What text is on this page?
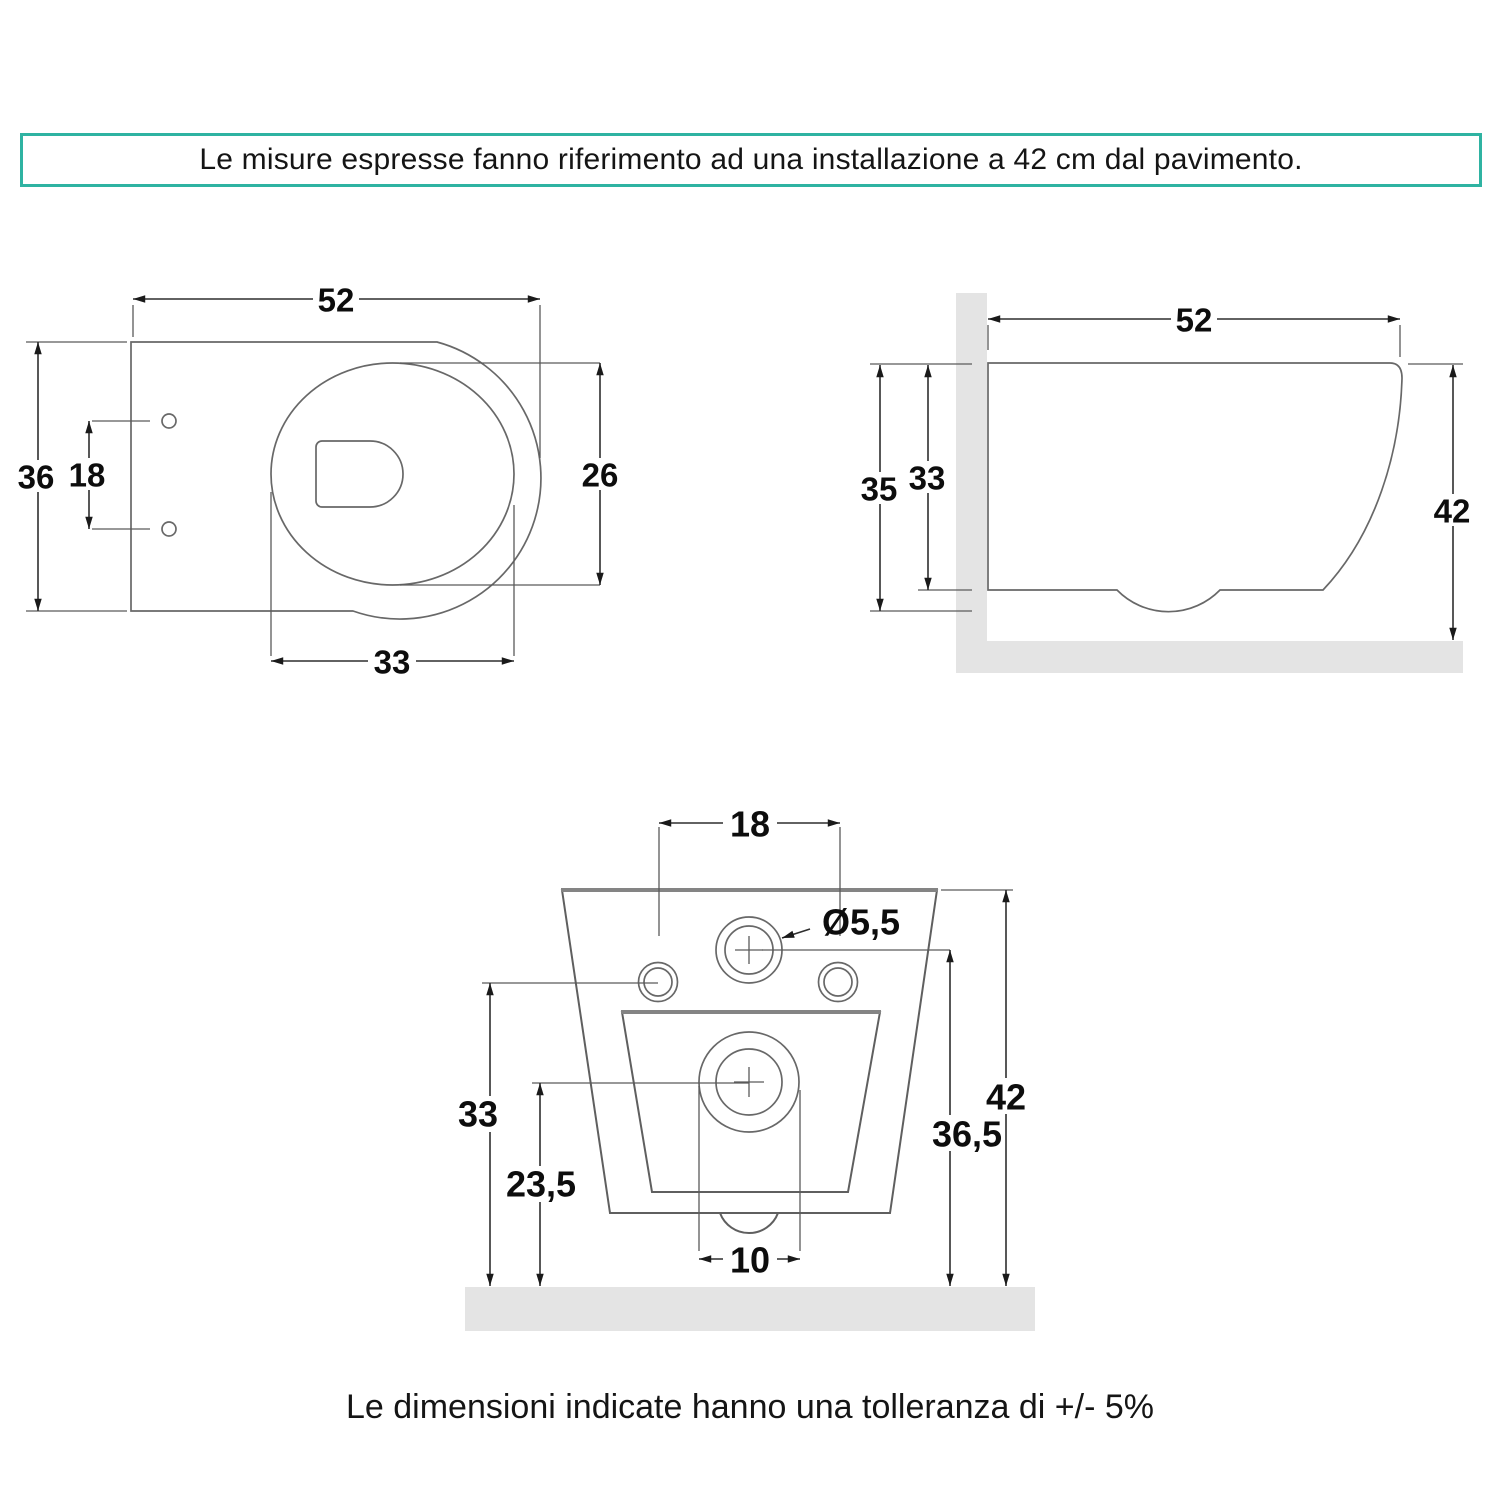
Le misure espresse fanno riferimento ad una installazione a 42 cm dal pavimento.
52
36 18	26
33
52
35 33
42
18
Ø5,5
33
23,5
10
36,5
42
Le dimensioni indicate hanno una tolleranza di +/- 5%
